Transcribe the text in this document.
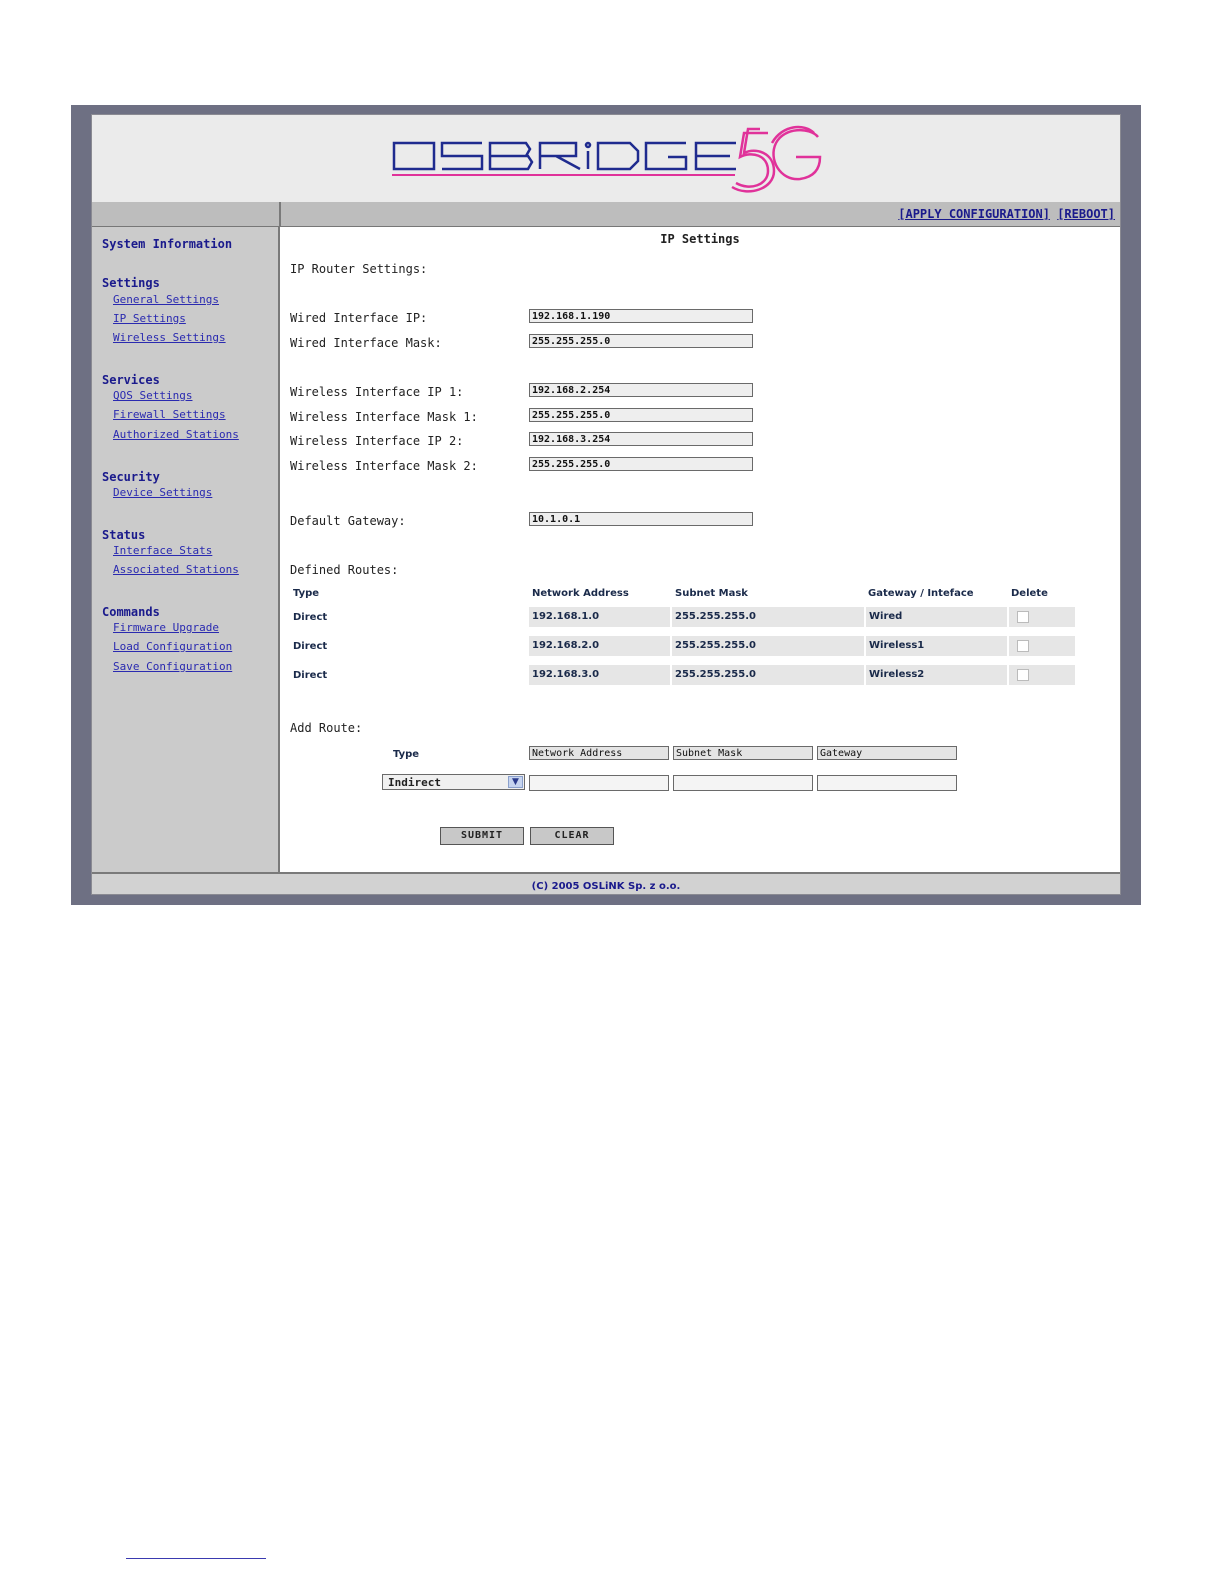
[APPLY CONFIGURATION] [REBOOT]
System Information
Settings
General Settings
IP Settings
Wireless Settings
Services
QOS Settings
Firewall Settings
Authorized Stations
Security
Device Settings
Status
Interface Stats
Associated Stations
Commands
Firmware Upgrade
Load Configuration
Save Configuration
IP Settings
IP Router Settings:
Wired Interface IP:	192.168.1.190
Wired Interface Mask:	255.255.255.0
Wireless Interface IP 1:	192.168.2.254
Wireless Interface Mask 1:	255.255.255.0
Wireless Interface IP 2:	192.168.3.254
Wireless Interface Mask 2:	255.255.255.0
Default Gateway:	10.1.0.1
Defined Routes:
Type	Network Address	Subnet Mask	Gateway / Inteface	Delete
Direct	192.168.1.0	255.255.255.0	Wired
Direct	192.168.2.0	255.255.255.0	Wireless1
Direct	192.168.3.0	255.255.255.0	Wireless2
Add Route:
Type	Network Address	Subnet Mask	Gateway
Indirect	▼
SUBMIT	CLEAR
(C) 2005 OSLiNK Sp. z o.o.
